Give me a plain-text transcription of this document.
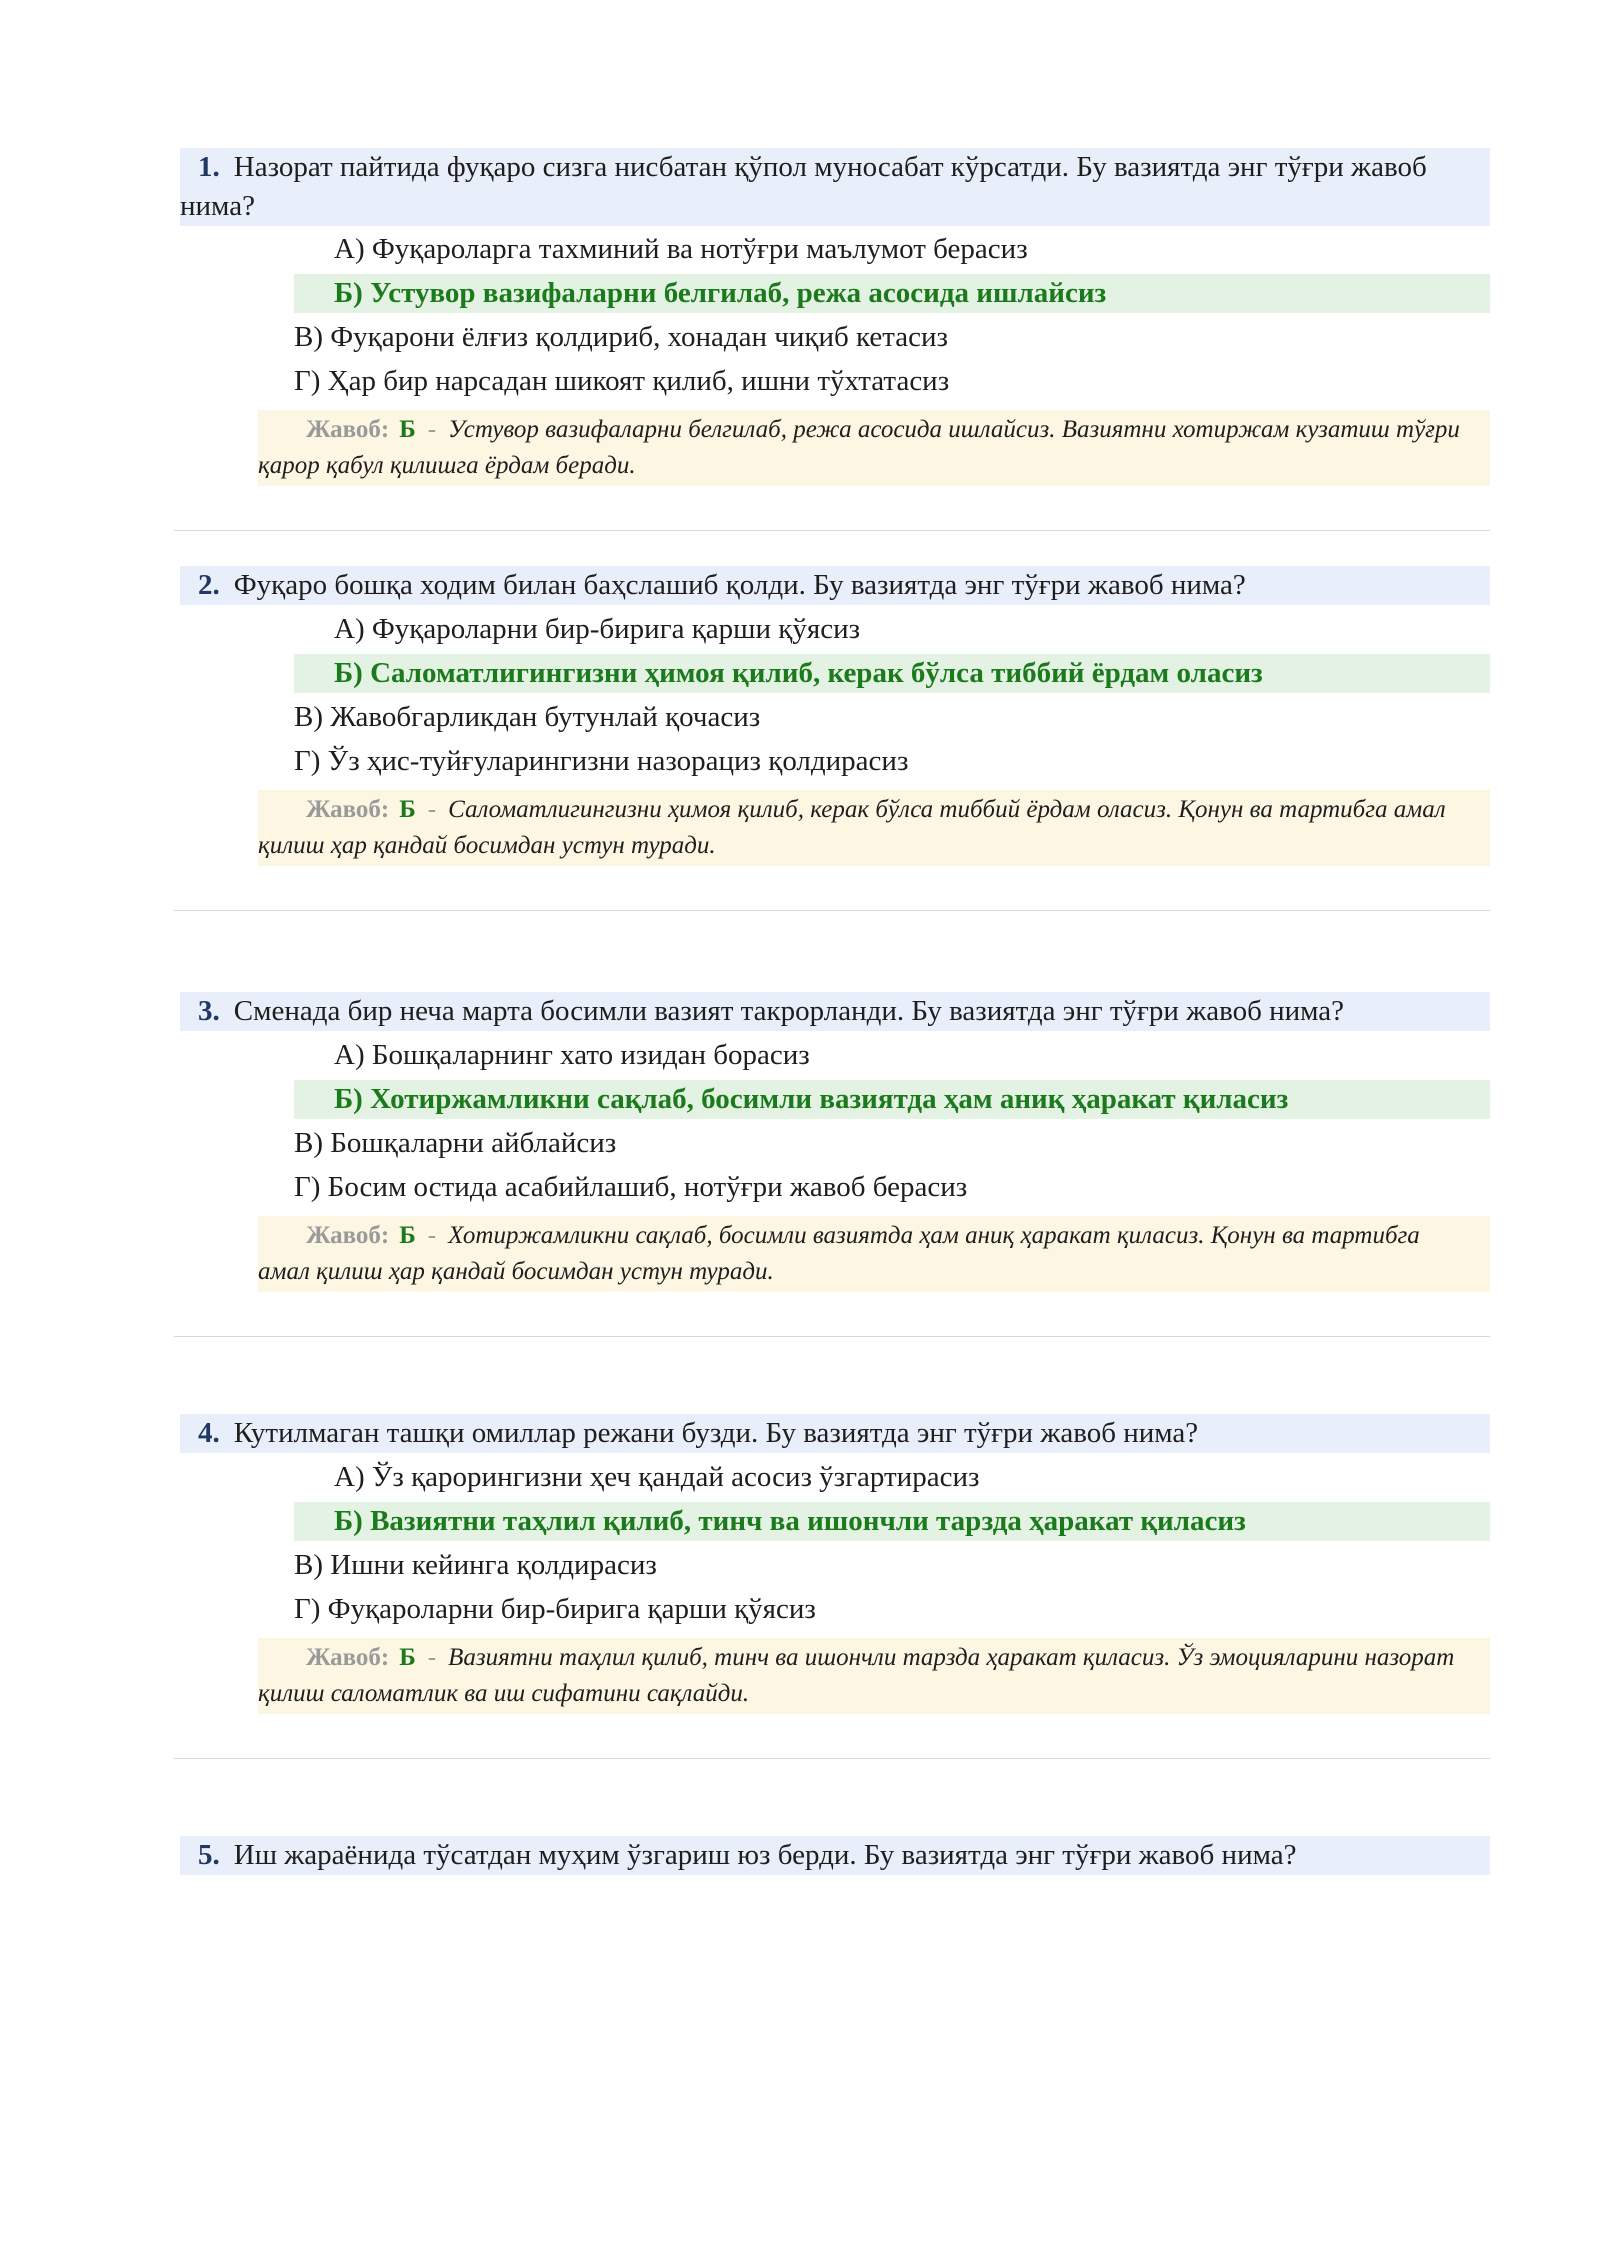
1. Назорат пайтида фуқаро сизга нисбатан қўпол муносабат кўрсатди. Бу вазиятда энг тўғри жавоб нима?
А) Фуқароларга тахминий ва нотўғри маълумот берасиз
Б) Устувор вазифаларни белгилаб, режа асосида ишлайсиз
В) Фуқарони ёлғиз қолдириб, хонадан чиқиб кетасиз
Г) Ҳар бир нарсадан шикоят қилиб, ишни тўхтатасиз
Жавоб: Б - Устувор вазифаларни белгилаб, режа асосида ишлайсиз. Вазиятни хотиржам кузатиш тўғри қарор қабул қилишга ёрдам беради.
2. Фуқаро бошқа ходим билан баҳслашиб қолди. Бу вазиятда энг тўғри жавоб нима?
А) Фуқароларни бир-бирига қарши қўясиз
Б) Саломатлигингизни ҳимоя қилиб, керак бўлса тиббий ёрдам оласиз
В) Жавобгарликдан бутунлай қочасиз
Г) Ўз ҳис-туйғуларингизни назорациз қолдирасиз
Жавоб: Б - Саломатлигингизни ҳимоя қилиб, керак бўлса тиббий ёрдам оласиз. Қонун ва тартибга амал қилиш ҳар қандай босимдан устун туради.
3. Сменада бир неча марта босимли вазият такрорланди. Бу вазиятда энг тўғри жавоб нима?
А) Бошқаларнинг хато изидан борасиз
Б) Хотиржамликни сақлаб, босимли вазиятда ҳам аниқ ҳаракат қиласиз
В) Бошқаларни айблайсиз
Г) Босим остида асабийлашиб, нотўғри жавоб берасиз
Жавоб: Б - Хотиржамликни сақлаб, босимли вазиятда ҳам аниқ ҳаракат қиласиз. Қонун ва тартибга амал қилиш ҳар қандай босимдан устун туради.
4. Кутилмаган ташқи омиллар режани бузди. Бу вазиятда энг тўғри жавоб нима?
А) Ўз қарорингизни ҳеч қандай асосиз ўзгартирасиз
Б) Вазиятни таҳлил қилиб, тинч ва ишончли тарзда ҳаракат қиласиз
В) Ишни кейинга қолдирасиз
Г) Фуқароларни бир-бирига қарши қўясиз
Жавоб: Б - Вазиятни таҳлил қилиб, тинч ва ишончли тарзда ҳаракат қиласиз. Ўз эмоцияларини назорат қилиш саломатлик ва иш сифатини сақлайди.
5. Иш жараёнида тўсатдан муҳим ўзгариш юз берди. Бу вазиятда энг тўғри жавоб нима?
